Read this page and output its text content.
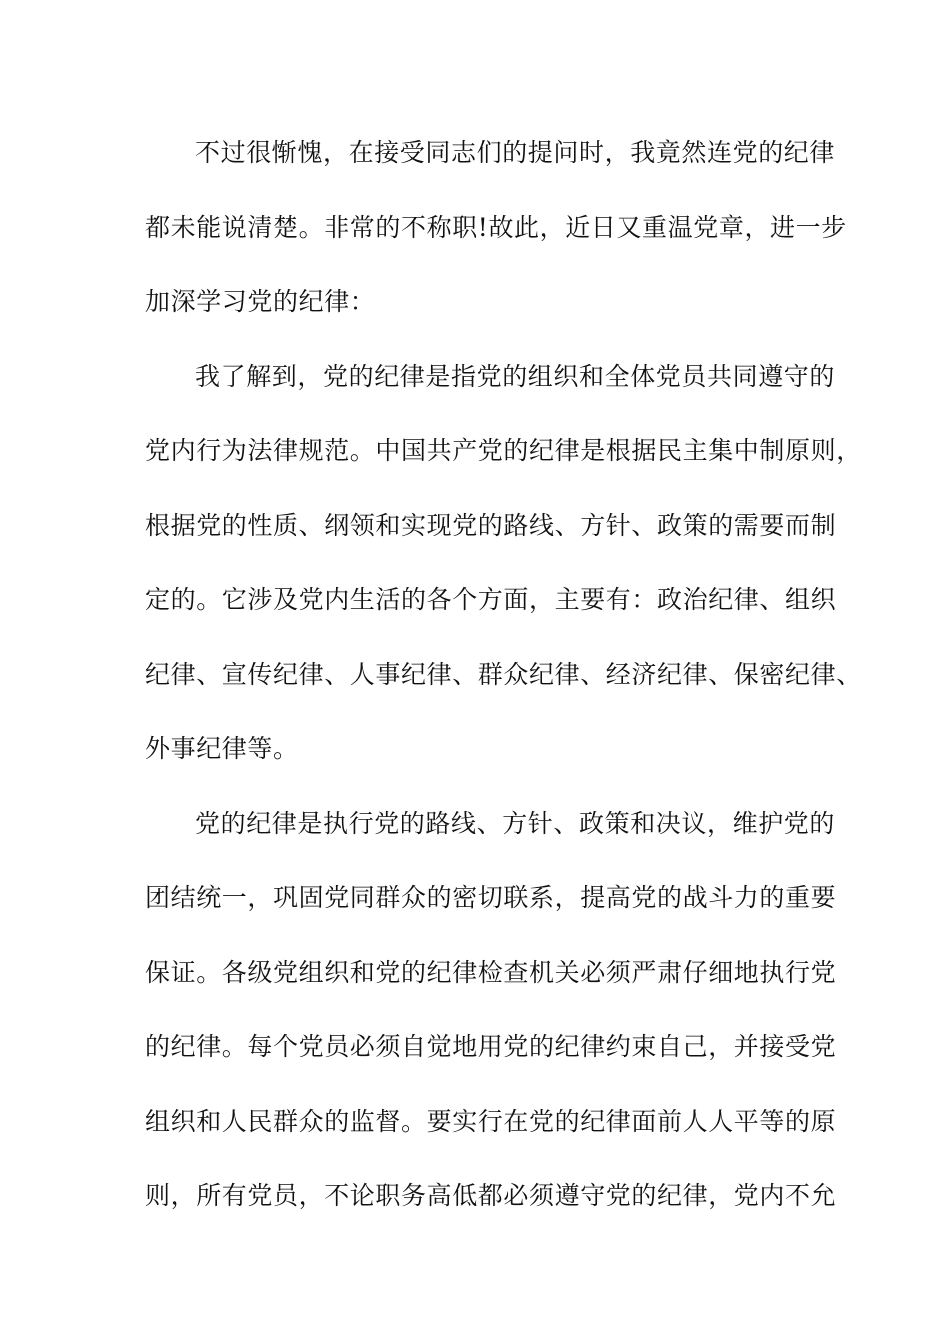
不过很惭愧，在接受同志们的提问时，我竟然连党的纪律
都未能说清楚。非常的不称职!故此，近日又重温党章，进一步
加深学习党的纪律：
我了解到，党的纪律是指党的组织和全体党员共同遵守的
党内行为法律规范。中国共产党的纪律是根据民主集中制原则，
根据党的性质、纲领和实现党的路线、方针、政策的需要而制
定的。它涉及党内生活的各个方面，主要有：政治纪律、组织
纪律、宣传纪律、人事纪律、群众纪律、经济纪律、保密纪律、
外事纪律等。
党的纪律是执行党的路线、方针、政策和决议，维护党的
团结统一，巩固党同群众的密切联系，提高党的战斗力的重要
保证。各级党组织和党的纪律检查机关必须严肃仔细地执行党
的纪律。每个党员必须自觉地用党的纪律约束自己，并接受党
组织和人民群众的监督。要实行在党的纪律面前人人平等的原
则，所有党员，不论职务高低都必须遵守党的纪律，党内不允
